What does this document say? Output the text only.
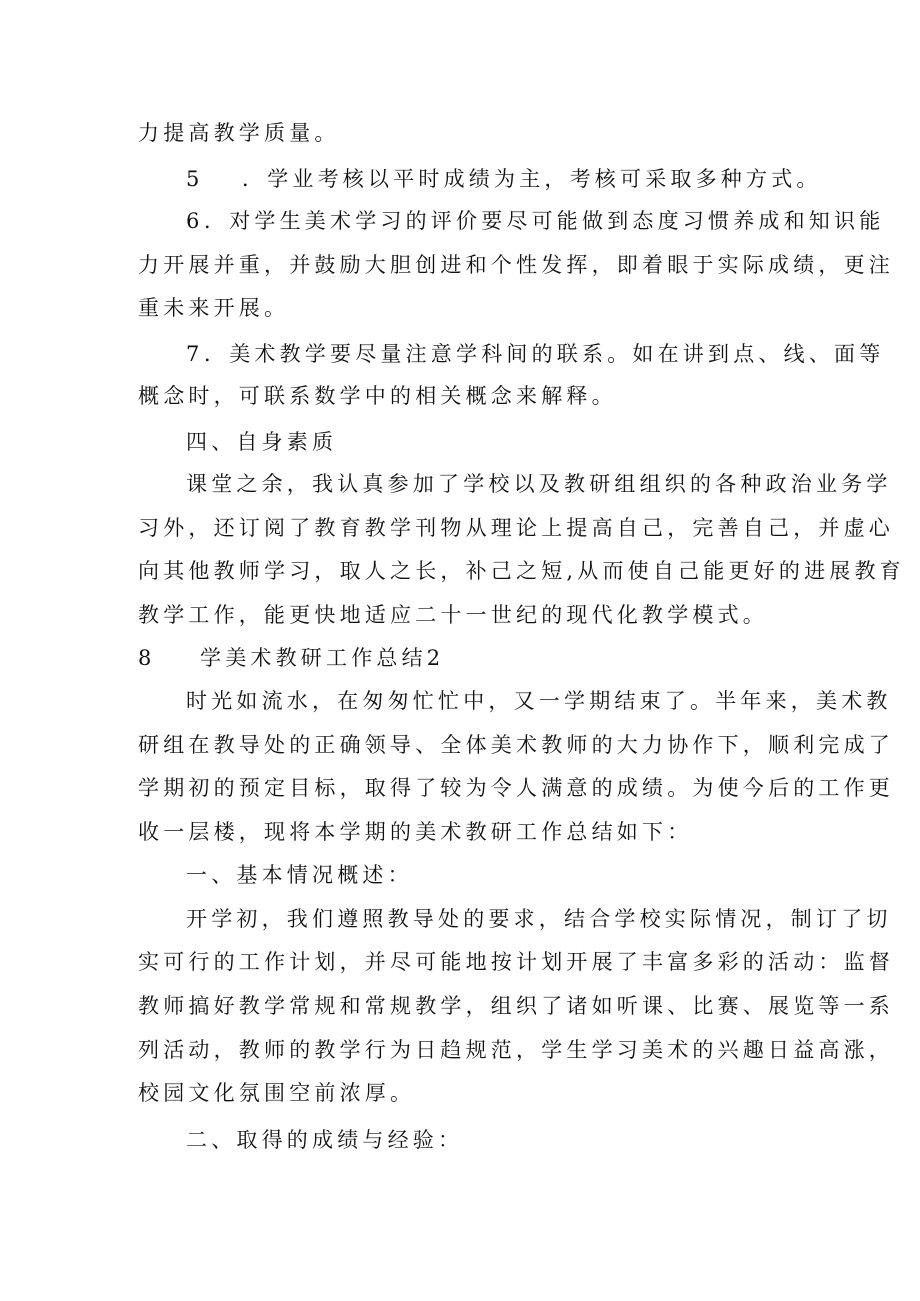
力提高教学质量。
5 ．学业考核以平时成绩为主，考核可采取多种方式。
6 ．对学生美术学习的评价要尽可能做到态度习惯养成和知识能
力开展并重，并鼓励大胆创进和个性发挥，即着眼于实际成绩，更注
重未来开展。
7 ．美术教学要尽量注意学科间的联系。如在讲到点、线、面等
概念时，可联系数学中的相关概念来解释。
四、自身素质
课堂之余，我认真参加了学校以及教研组组织的各种政治业务学
习外，还订阅了教育教学刊物从理论上提高自己，完善自己，并虚心
向其他教师学习，取人之长，补己之短,从而使自己能更好的进展教育
教学工作，能更快地适应二十一世纪的现代化教学模式。
8 学美术教研工作总结2
时光如流水，在匆匆忙忙中，又一学期结束了。半年来，美术教
研组在教导处的正确领导、全体美术教师的大力协作下，顺利完成了
学期初的预定目标，取得了较为令人满意的成绩。为使今后的工作更
收一层楼，现将本学期的美术教研工作总结如下：
一、基本情况概述：
开学初，我们遵照教导处的要求，结合学校实际情况，制订了切
实可行的工作计划，并尽可能地按计划开展了丰富多彩的活动：监督
教师搞好教学常规和常规教学，组织了诸如听课、比赛、展览等一系
列活动，教师的教学行为日趋规范，学生学习美术的兴趣日益高涨，
校园文化氛围空前浓厚。
二、取得的成绩与经验：
